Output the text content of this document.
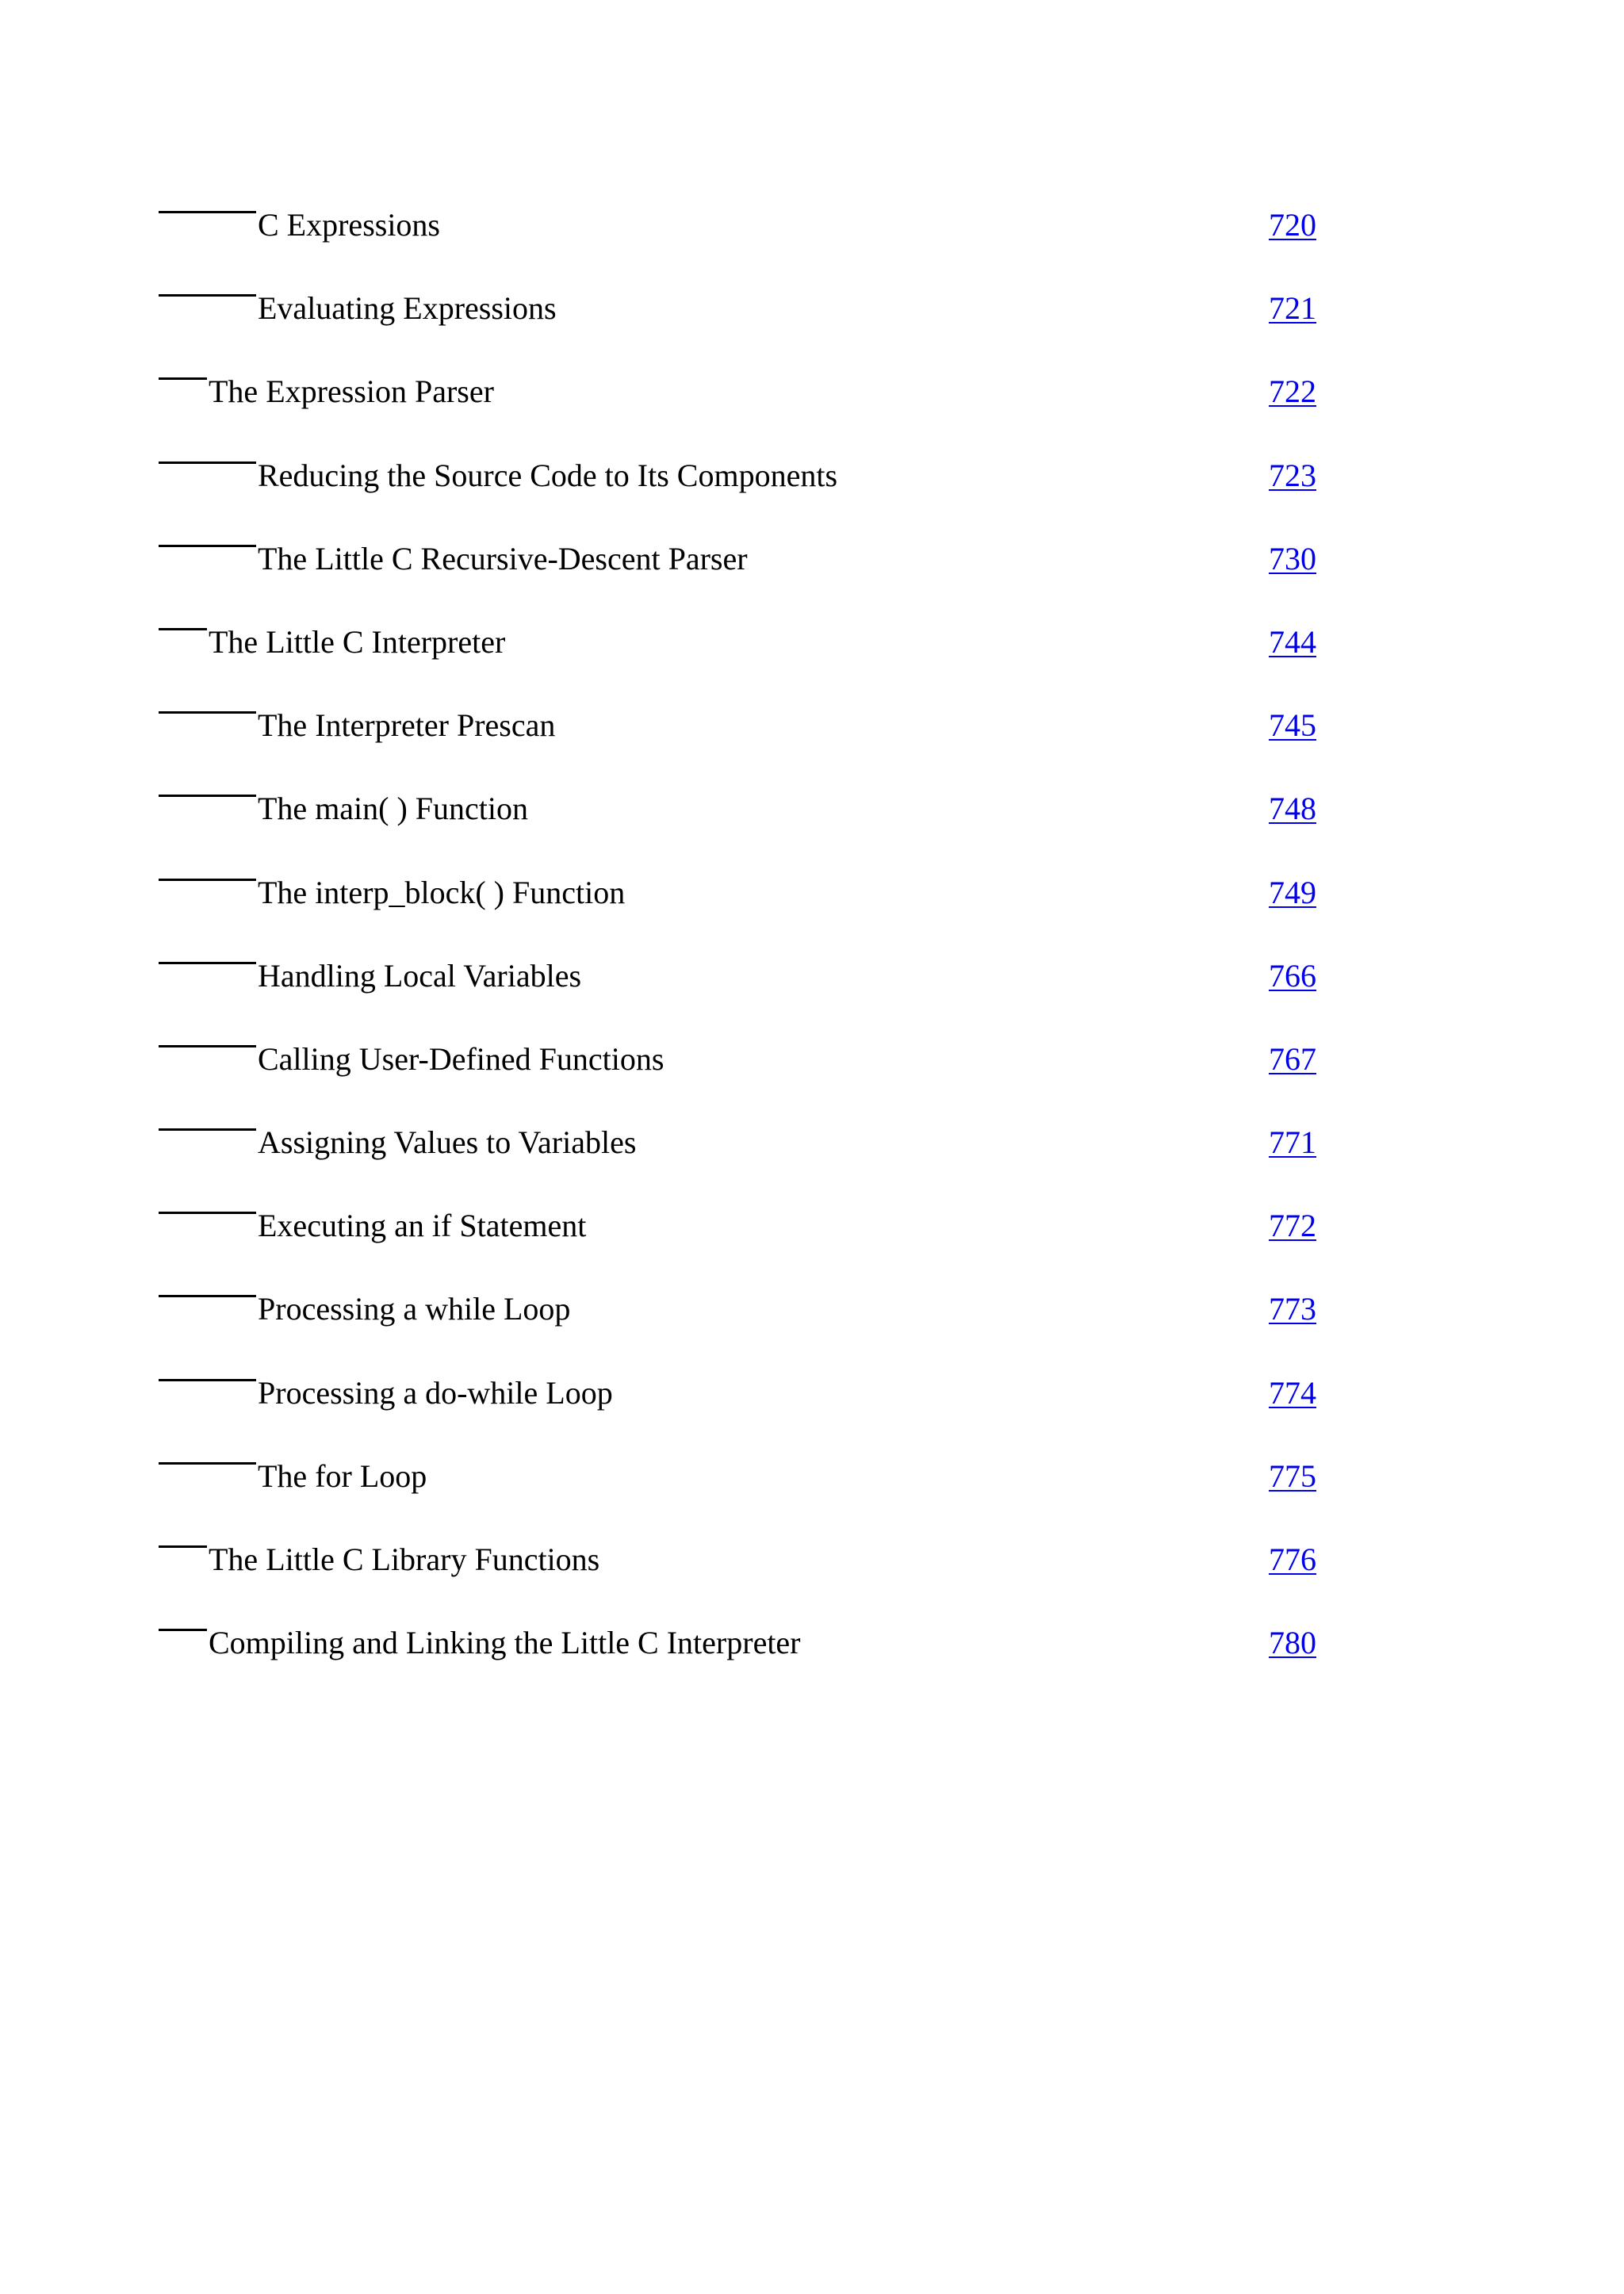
C Expressions	720
Evaluating Expressions	721
The Expression Parser	722
Reducing the Source Code to Its Components	723
The Little C Recursive-Descent Parser	730
The Little C Interpreter	744
The Interpreter Prescan	745
The main( ) Function	748
The interp_block( ) Function	749
Handling Local Variables	766
Calling User-Defined Functions	767
Assigning Values to Variables	771
Executing an if Statement	772
Processing a while Loop	773
Processing a do-while Loop	774
The for Loop	775
The Little C Library Functions	776
Compiling and Linking the Little C Interpreter	780
